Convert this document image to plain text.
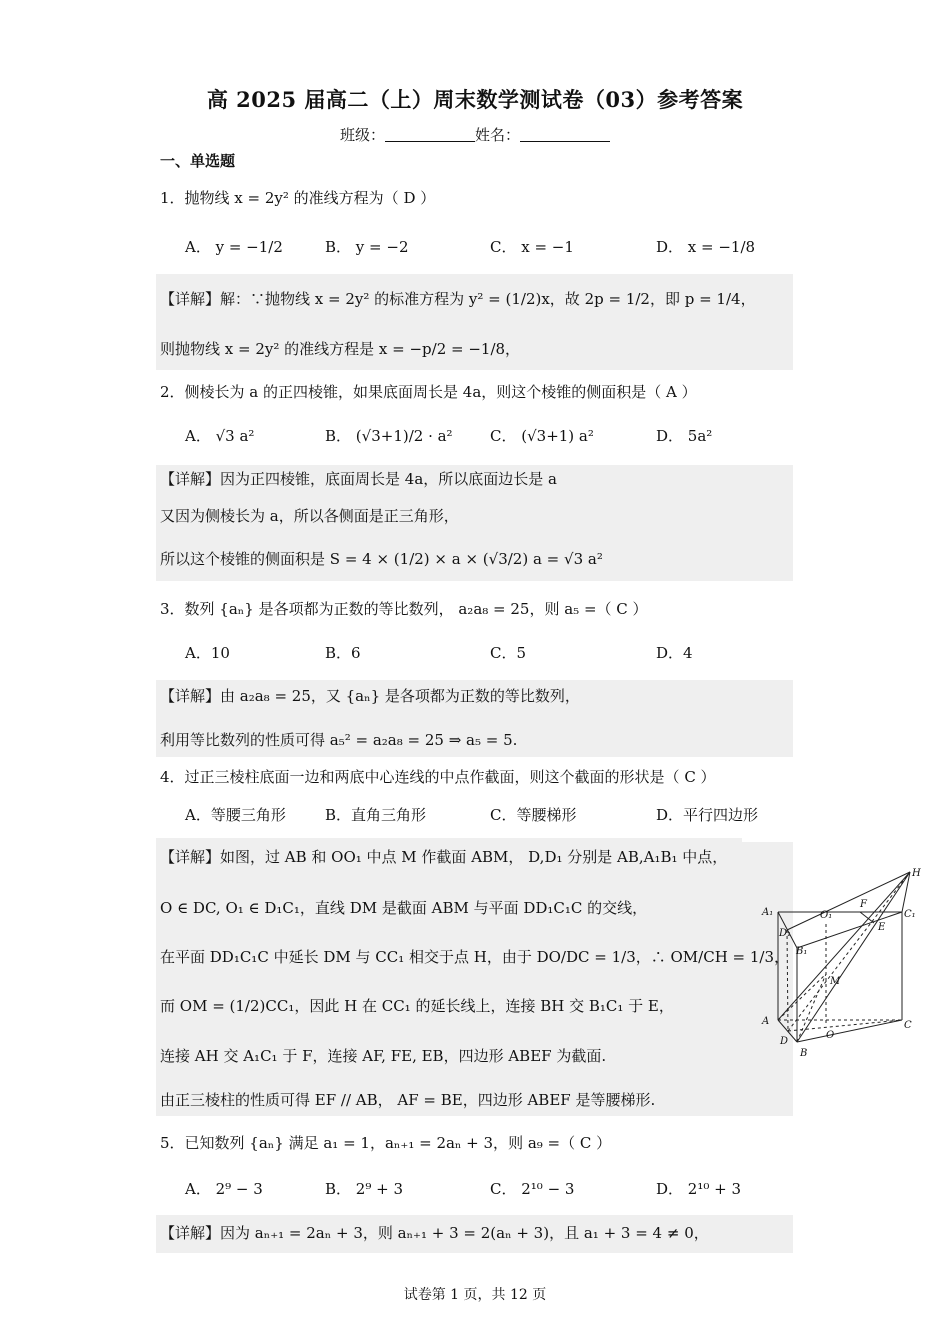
高 2025 届高二（上）周末数学测试卷（03）参考答案
班级：	姓名：
一、单选题
1．抛物线 x = 2y² 的准线方程为（ D ）
A． y = −1/2	B． y = −2	C． x = −1	D． x = −1/8
【详解】解：∵抛物线 x = 2y² 的标准方程为 y² = (1/2)x，故 2p = 1/2，即 p = 1/4，
则抛物线 x = 2y² 的准线方程是 x = −p/2 = −1/8，
2．侧棱长为 a 的正四棱锥，如果底面周长是 4a，则这个棱锥的侧面积是（ A ）
A． √3 a²	B． (√3+1)/2 · a² C． (√3+1) a²	D． 5a²
【详解】因为正四棱锥，底面周长是 4a，所以底面边长是 a
又因为侧棱长为 a，所以各侧面是正三角形，
所以这个棱锥的侧面积是 S = 4 × (1/2) × a × (√3/2) a = √3 a²
3．数列 {aₙ} 是各项都为正数的等比数列， a₂a₈ = 25，则 a₅ =（ C ）
A．10	B．6	C．5	D．4
【详解】由 a₂a₈ = 25，又 {aₙ} 是各项都为正数的等比数列，
利用等比数列的性质可得 a₅² = a₂a₈ = 25 ⇒ a₅ = 5.
4．过正三棱柱底面一边和两底中心连线的中点作截面，则这个截面的形状是（ C ）
A．等腰三角形	B．直角三角形	C．等腰梯形	D．平行四边形
【详解】如图，过 AB 和 OO₁ 中点 M 作截面 ABM， D,D₁ 分别是 AB,A₁B₁ 中点，
O ∈ DC, O₁ ∈ D₁C₁，直线 DM 是截面 ABM 与平面 DD₁C₁C 的交线，
在平面 DD₁C₁C 中延长 DM 与 CC₁ 相交于点 H，由于 DO/DC = 1/3，∴ OM/CH = 1/3，
而 OM = (1/2)CC₁，因此 H 在 CC₁ 的延长线上，连接 BH 交 B₁C₁ 于 E，
连接 AH 交 A₁C₁ 于 F，连接 AF, FE, EB，四边形 ABEF 为截面.
由正三棱柱的性质可得 EF // AB， AF = BE，四边形 ABEF 是等腰梯形.
H
A₁	O₁
F
C₁
D₁
E
B₁
M
A
O
C
D
B
5．已知数列 {aₙ} 满足 a₁ = 1，aₙ₊₁ = 2aₙ + 3，则 a₉ =（ C ）
A． 2⁹ − 3	B． 2⁹ + 3	C． 2¹⁰ − 3	D． 2¹⁰ + 3
【详解】因为 aₙ₊₁ = 2aₙ + 3，则 aₙ₊₁ + 3 = 2(aₙ + 3)，且 a₁ + 3 = 4 ≠ 0，
试卷第 1 页，共 12 页
